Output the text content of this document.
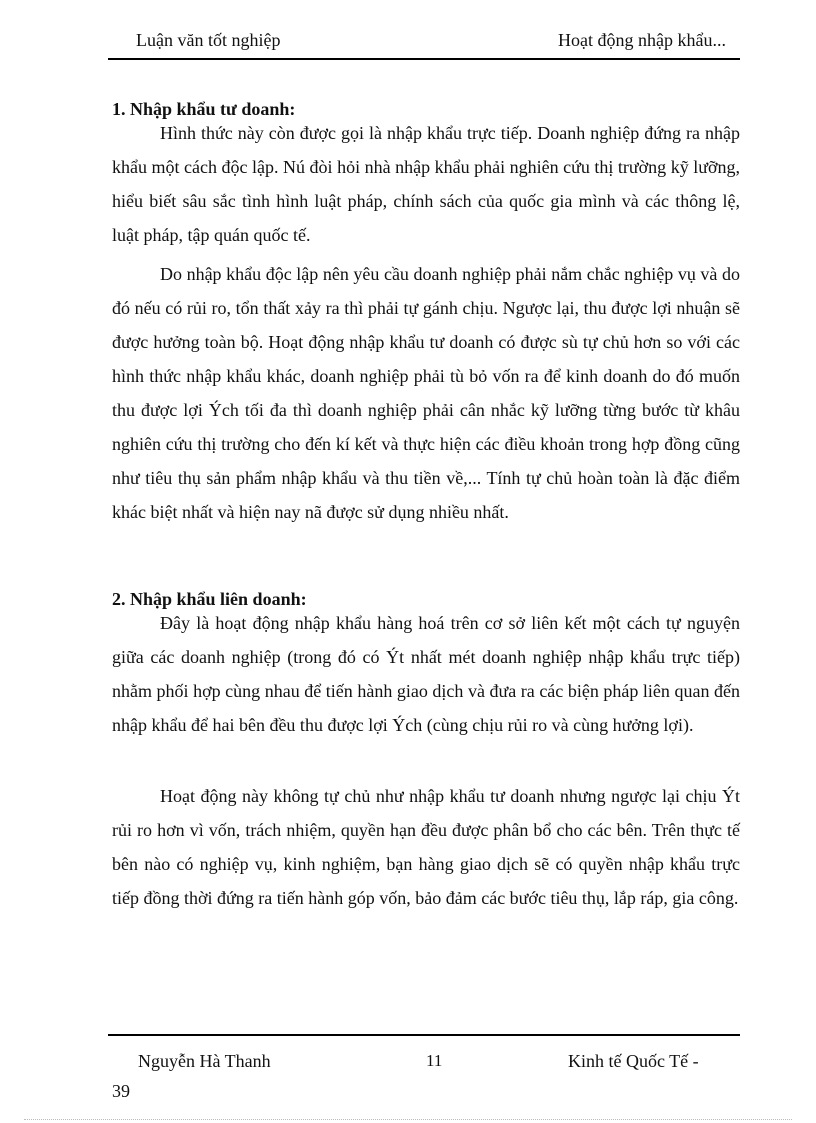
Luận văn tốt nghiệp	Hoạt động nhập khẩu...
1. Nhập khẩu tư doanh:

Hình thức này còn được gọi là nhập khẩu trực tiếp. Doanh nghiệp đứng ra nhập khẩu một cách độc lập. Nú đòi hỏi nhà nhập khẩu phải nghiên cứu thị trường kỹ lưỡng, hiểu biết sâu sắc tình hình luật pháp, chính sách của quốc gia mình và các thông lệ, luật pháp, tập quán quốc tế.

Do nhập khẩu độc lập nên yêu cầu doanh nghiệp phải nắm chắc nghiệp vụ và do đó nếu có rủi ro, tổn thất xảy ra thì phải tự gánh chịu. Ngược lại, thu được lợi nhuận sẽ được hưởng toàn bộ. Hoạt động nhập khẩu tư doanh có được sù tự chủ hơn so với các hình thức nhập khẩu khác, doanh nghiệp phải tù bỏ vốn ra để kinh doanh do đó muốn thu được lợi Ých tối đa thì doanh nghiệp phải cân nhắc kỹ lưỡng từng bước từ khâu nghiên cứu thị trường cho đến kí kết và thực hiện các điều khoản trong hợp đồng cũng như tiêu thụ sản phẩm nhập khẩu và thu tiền về,... Tính tự chủ hoàn toàn là đặc điểm khác biệt nhất và hiện nay nã được sử dụng nhiều nhất.

2. Nhập khẩu liên doanh:

Đây là hoạt động nhập khẩu hàng hoá trên cơ sở liên kết một cách tự nguyện giữa các doanh nghiệp (trong đó có Ýt nhất mét doanh nghiệp nhập khẩu trực tiếp) nhằm phối hợp cùng nhau để tiến hành giao dịch và đưa ra các biện pháp liên quan đến nhập khẩu để hai bên đều thu được lợi Ých (cùng chịu rủi ro và cùng hưởng lợi).

Hoạt động này không tự chủ như nhập khẩu tư doanh nhưng ngược lại chịu Ýt rủi ro hơn vì vốn, trách nhiệm, quyền hạn đều được phân bổ cho các bên. Trên thực tế bên nào có nghiệp vụ, kinh nghiệm, bạn hàng giao dịch sẽ có quyền nhập khẩu trực tiếp đồng thời đứng ra tiến hành góp vốn, bảo đảm các bước tiêu thụ, lắp ráp, gia công.

Nguyễn Hà Thanh	11	Kinh tế Quốc Tế -
39
